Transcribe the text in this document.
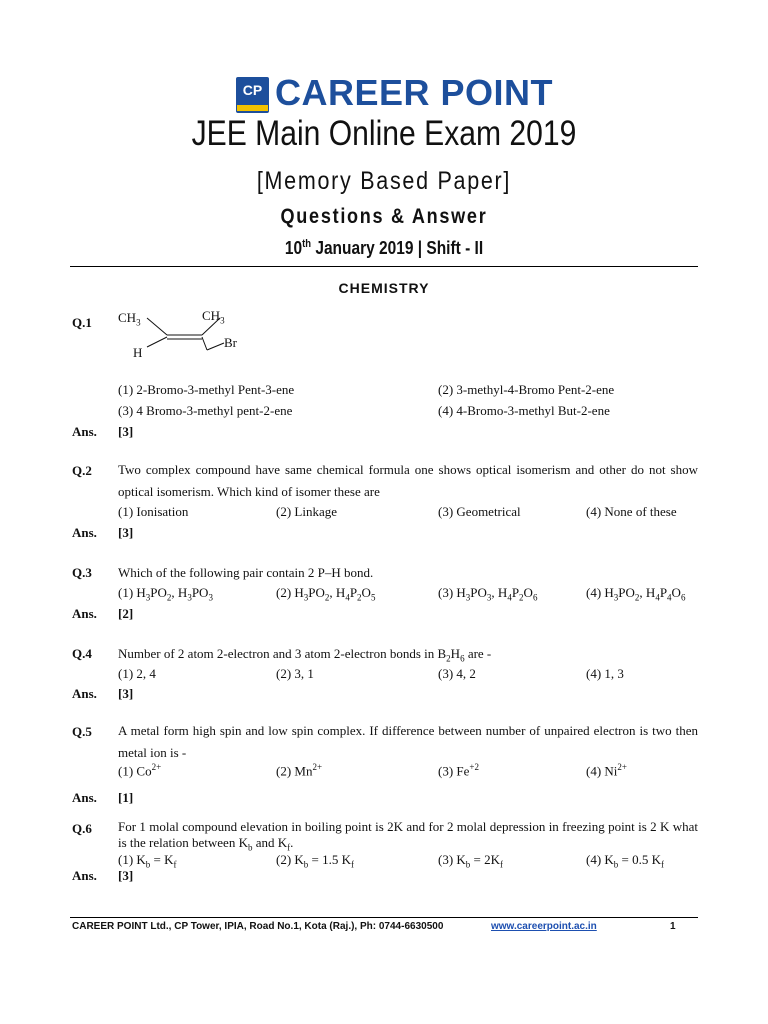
CP CAREER POINT
JEE Main Online Exam 2019
[Memory Based Paper]
Questions & Answer
10th January 2019 | Shift - II
CHEMISTRY
Q.1 $CH_3$	$CH_3$
H
Br
(1) 2-Bromo-3-methyl Pent-3-ene	(2) 3-methyl-4-Bromo Pent-2-ene
(3) 4 Bromo-3-methyl pent-2-ene	(4) 4-Bromo-3-methyl But-2-ene
Ans. [3]
Q.2 Two complex compound have same chemical formula one shows optical isomerism and other do not show optical isomerism. Which kind of isomer these are
(1) Ionisation	(2) Linkage	(3) Geometrical	(4) None of these
Ans. [3]
Q.3 Which of the following pair contain 2 P–H bond.
(1) $H_3PO_2$, $H_3PO_3$	(2) $H_3PO_2$, $H_4P_2O_5$	(3) $H_3PO_3$, $H_4P_2O_6$	(4) $H_3PO_2$, $H_4P_4O_6$
Ans. [2]
Q.4 Number of 2 atom 2-electron and 3 atom 2-electron bonds in $B_2H_6$ are -
(1) 2, 4	(2) 3, 1	(3) 4, 2	(4) 1, 3
Ans. [3]
Q.5 A metal form high spin and low spin complex. If difference between number of unpaired electron is two then metal ion is -
(1) $Co^{2+}$	(2) $Mn^{2+}$	(3) $Fe^{+2}$	(4) $Ni^{2+}$
Ans. [1]
Q.6 For 1 molal compound elevation in boiling point is 2K and for 2 molal depression in freezing point is 2 K what is the relation between $K_b$ and $K_f$.
(1) $K_b = K_f$	(2) $K_b = 1.5$ $K_f$	(3) $K_b = 2K_f$	(4) $K_b = 0.5$ $K_f$
Ans. [3]
CAREER POINT Ltd., CP Tower, IPIA, Road No.1, Kota (Raj.), Ph: 0744-6630500	www.careerpoint.ac.in	1
